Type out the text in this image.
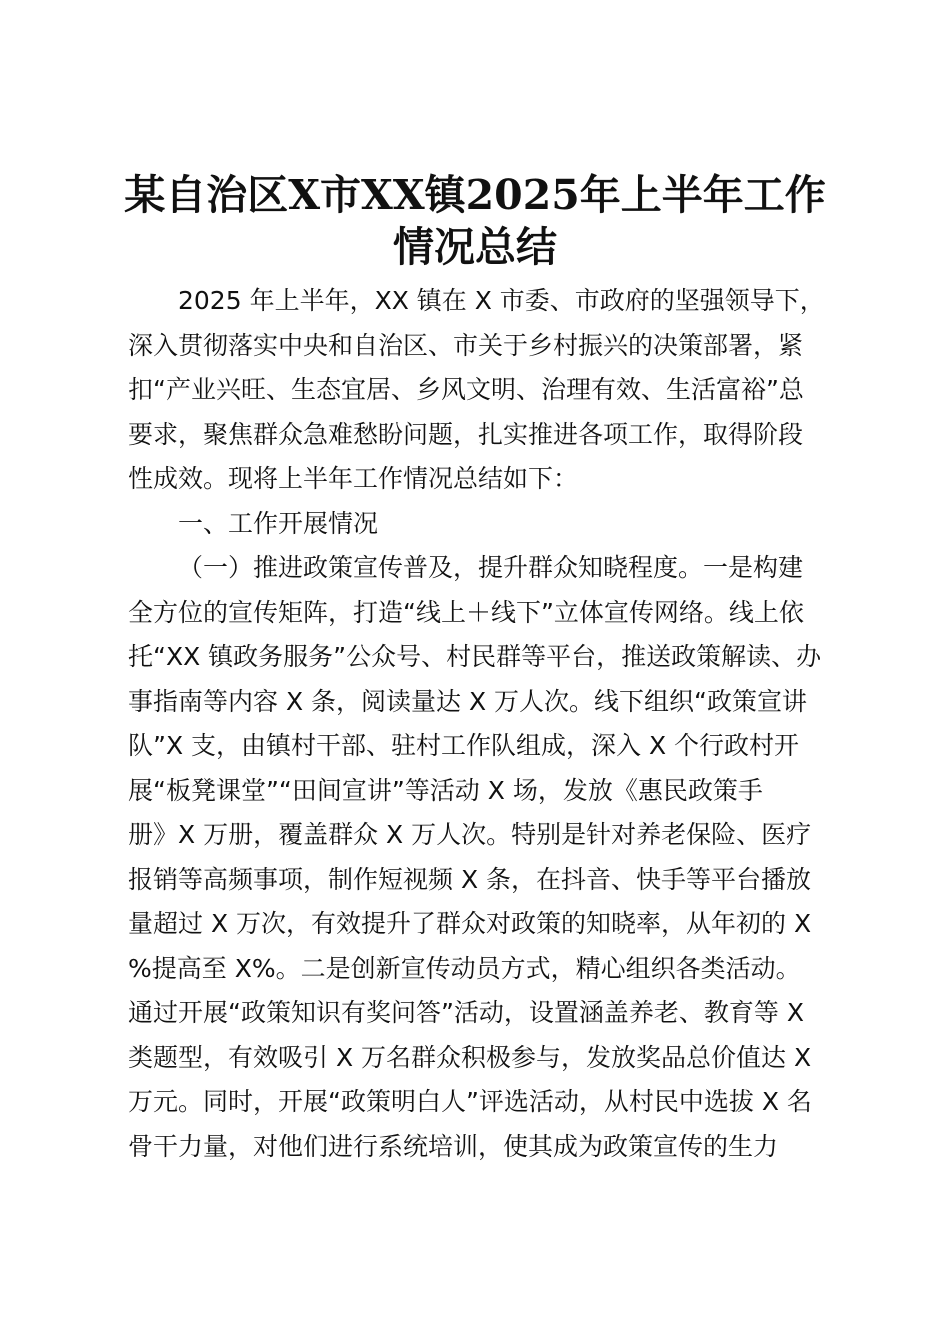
某自治区X市XX镇2025年上半年工作
情况总结
2025 年上半年，XX 镇在 X 市委、市政府的坚强领导下，
深入贯彻落实中央和自治区、市关于乡村振兴的决策部署，紧
扣“产业兴旺、生态宜居、乡风文明、治理有效、生活富裕”总
要求，聚焦群众急难愁盼问题，扎实推进各项工作，取得阶段
性成效。现将上半年工作情况总结如下：
一、工作开展情况
（一）推进政策宣传普及，提升群众知晓程度。一是构建
全方位的宣传矩阵，打造“线上＋线下”立体宣传网络。线上依
托“XX 镇政务服务”公众号、村民群等平台，推送政策解读、办
事指南等内容 X 条，阅读量达 X 万人次。线下组织“政策宣讲
队”X 支，由镇村干部、驻村工作队组成，深入 X 个行政村开
展“板凳课堂”“田间宣讲”等活动 X 场，发放《惠民政策手
册》X 万册，覆盖群众 X 万人次。特别是针对养老保险、医疗
报销等高频事项，制作短视频 X 条，在抖音、快手等平台播放
量超过 X 万次，有效提升了群众对政策的知晓率，从年初的 X
%提高至 X%。二是创新宣传动员方式，精心组织各类活动。
通过开展“政策知识有奖问答”活动，设置涵盖养老、教育等 X
类题型，有效吸引 X 万名群众积极参与，发放奖品总价值达 X
万元。同时，开展“政策明白人”评选活动，从村民中选拔 X 名
骨干力量，对他们进行系统培训，使其成为政策宣传的生力
